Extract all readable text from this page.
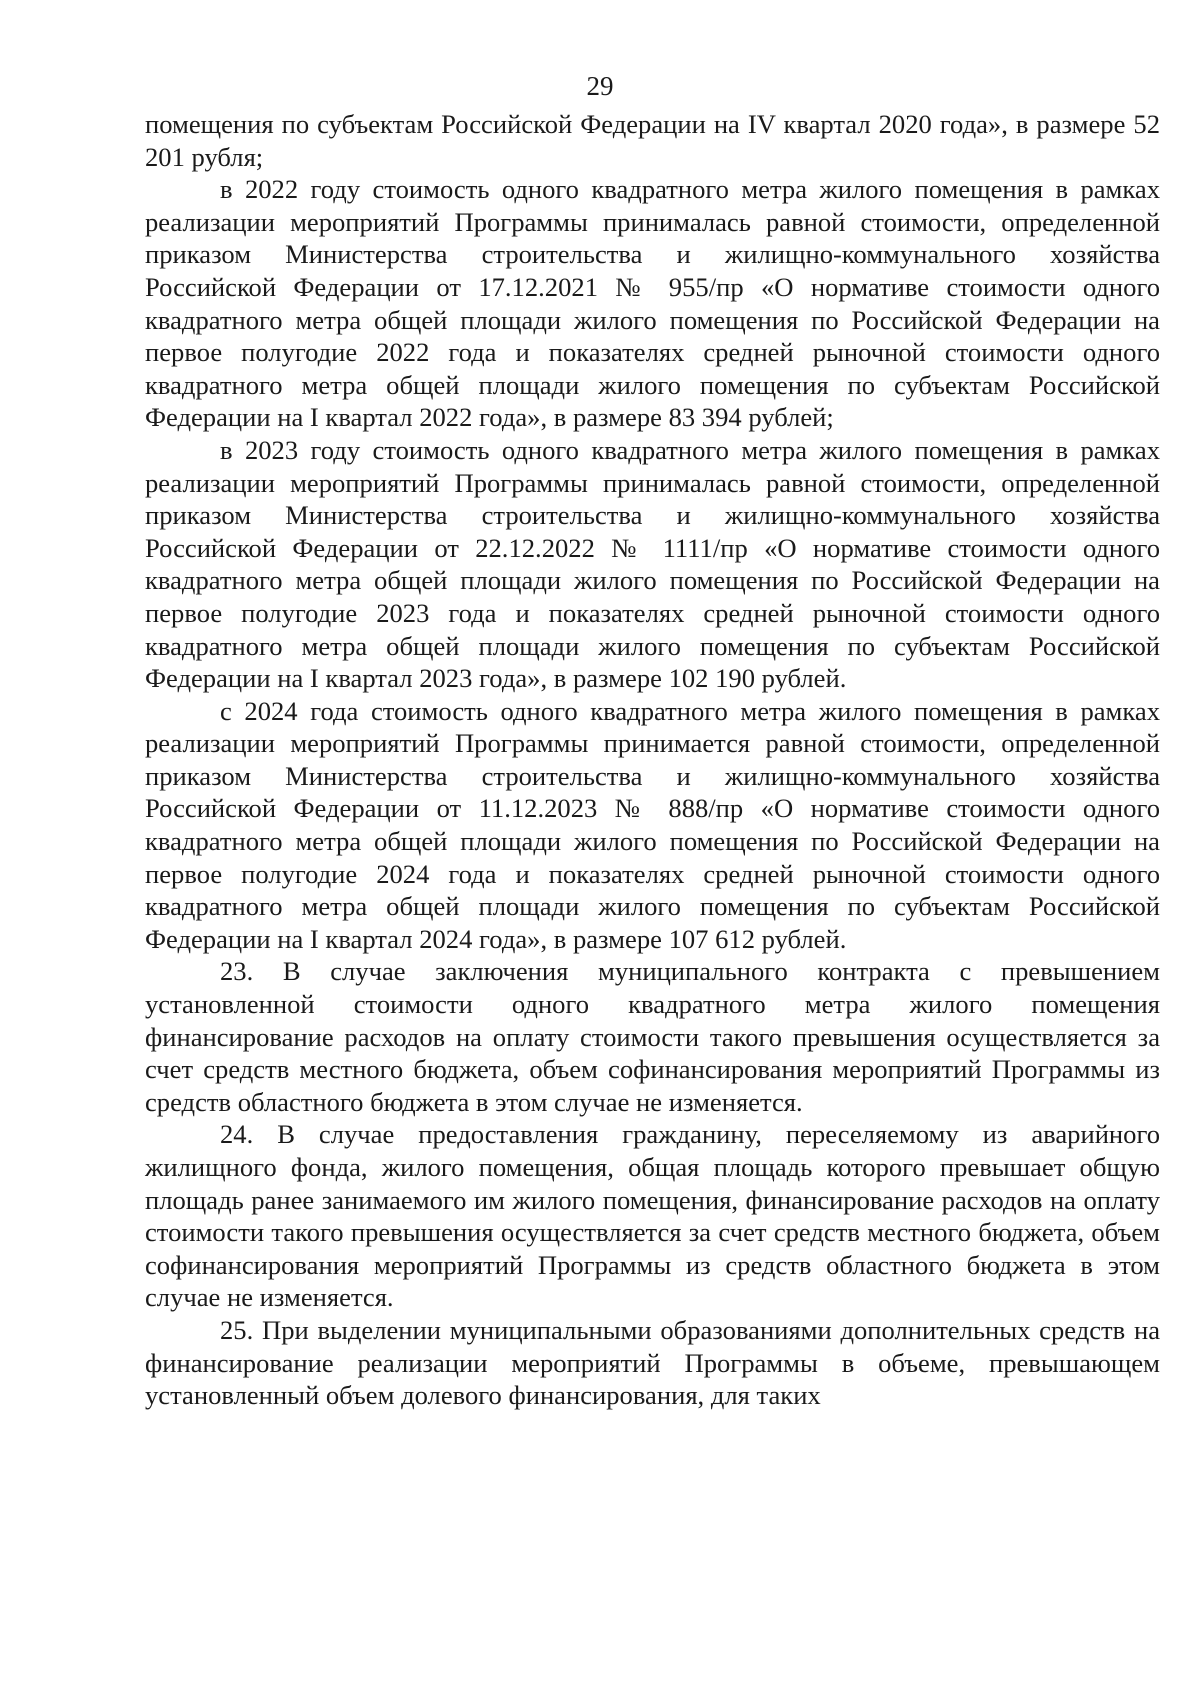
29

помещения по субъектам Российской Федерации на IV квартал 2020 года», в размере 52 201 рубля;

в 2022 году стоимость одного квадратного метра жилого помещения в рамках реализации мероприятий Программы принималась равной стоимости, определенной приказом Министерства строительства и жилищно-коммунального хозяйства Российской Федерации от 17.12.2021 № 955/пр «О нормативе стоимости одного квадратного метра общей площади жилого помещения по Российской Федерации на первое полугодие 2022 года и показателях средней рыночной стоимости одного квадратного метра общей площади жилого помещения по субъектам Российской Федерации на I квартал 2022 года», в размере 83 394 рублей;

в 2023 году стоимость одного квадратного метра жилого помещения в рамках реализации мероприятий Программы принималась равной стоимости, определенной приказом Министерства строительства и жилищно-коммунального хозяйства Российской Федерации от 22.12.2022 № 1111/пр «О нормативе стоимости одного квадратного метра общей площади жилого помещения по Российской Федерации на первое полугодие 2023 года и показателях средней рыночной стоимости одного квадратного метра общей площади жилого помещения по субъектам Российской Федерации на I квартал 2023 года», в размере 102 190 рублей.

с 2024 года стоимость одного квадратного метра жилого помещения в рамках реализации мероприятий Программы принимается равной стоимости, определенной приказом Министерства строительства и жилищно-коммунального хозяйства Российской Федерации от 11.12.2023 № 888/пр «О нормативе стоимости одного квадратного метра общей площади жилого помещения по Российской Федерации на первое полугодие 2024 года и показателях средней рыночной стоимости одного квадратного метра общей площади жилого помещения по субъектам Российской Федерации на I квартал 2024 года», в размере 107 612 рублей.

23. В случае заключения муниципального контракта с превышением установленной стоимости одного квадратного метра жилого помещения финансирование расходов на оплату стоимости такого превышения осуществляется за счет средств местного бюджета, объем софинансирования мероприятий Программы из средств областного бюджета в этом случае не изменяется.

24. В случае предоставления гражданину, переселяемому из аварийного жилищного фонда, жилого помещения, общая площадь которого превышает общую площадь ранее занимаемого им жилого помещения, финансирование расходов на оплату стоимости такого превышения осуществляется за счет средств местного бюджета, объем софинансирования мероприятий Программы из средств областного бюджета в этом случае не изменяется.

25. При выделении муниципальными образованиями дополнительных средств на финансирование реализации мероприятий Программы в объеме, превышающем установленный объем долевого финансирования, для таких
